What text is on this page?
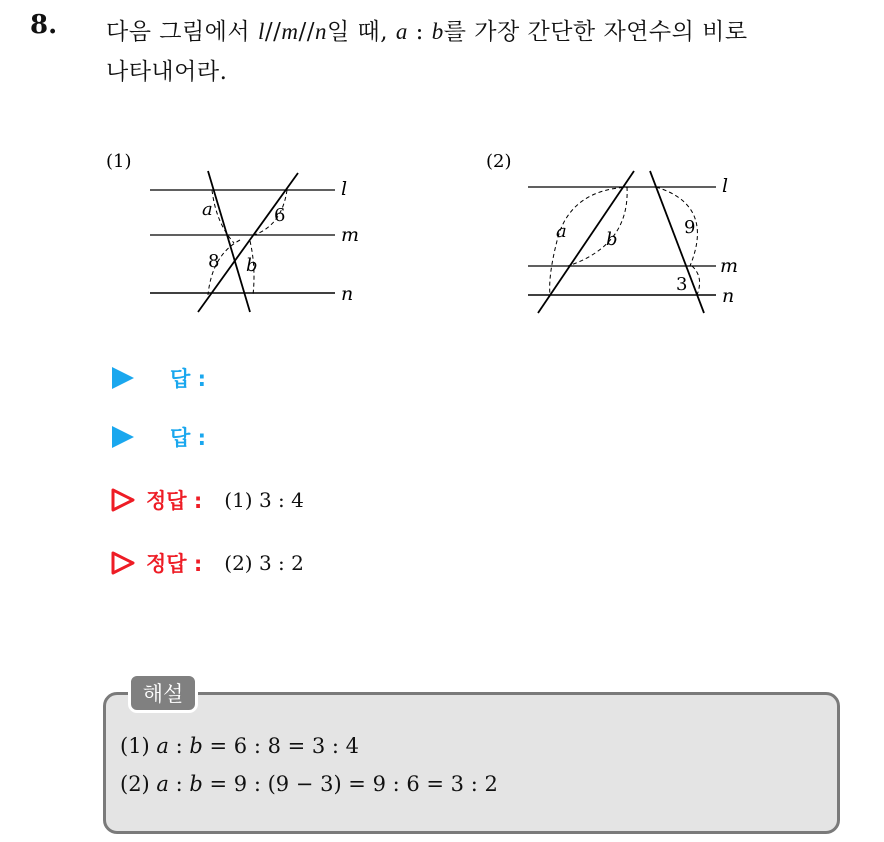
8. 다음 그림에서 l//m//n일 때, a : b를 가장 간단한 자연수의 비로
나타내어라.
(1)
a	6
8 b
l
m
n
(2)
a b
9
3
l
m
n
답 :
답 :
정답 : (1) 3 : 4
정답 : (2) 3 : 2
해설
(1) a : b = 6 : 8 = 3 : 4
(2) a : b = 9 : (9 − 3) = 9 : 6 = 3 : 2
